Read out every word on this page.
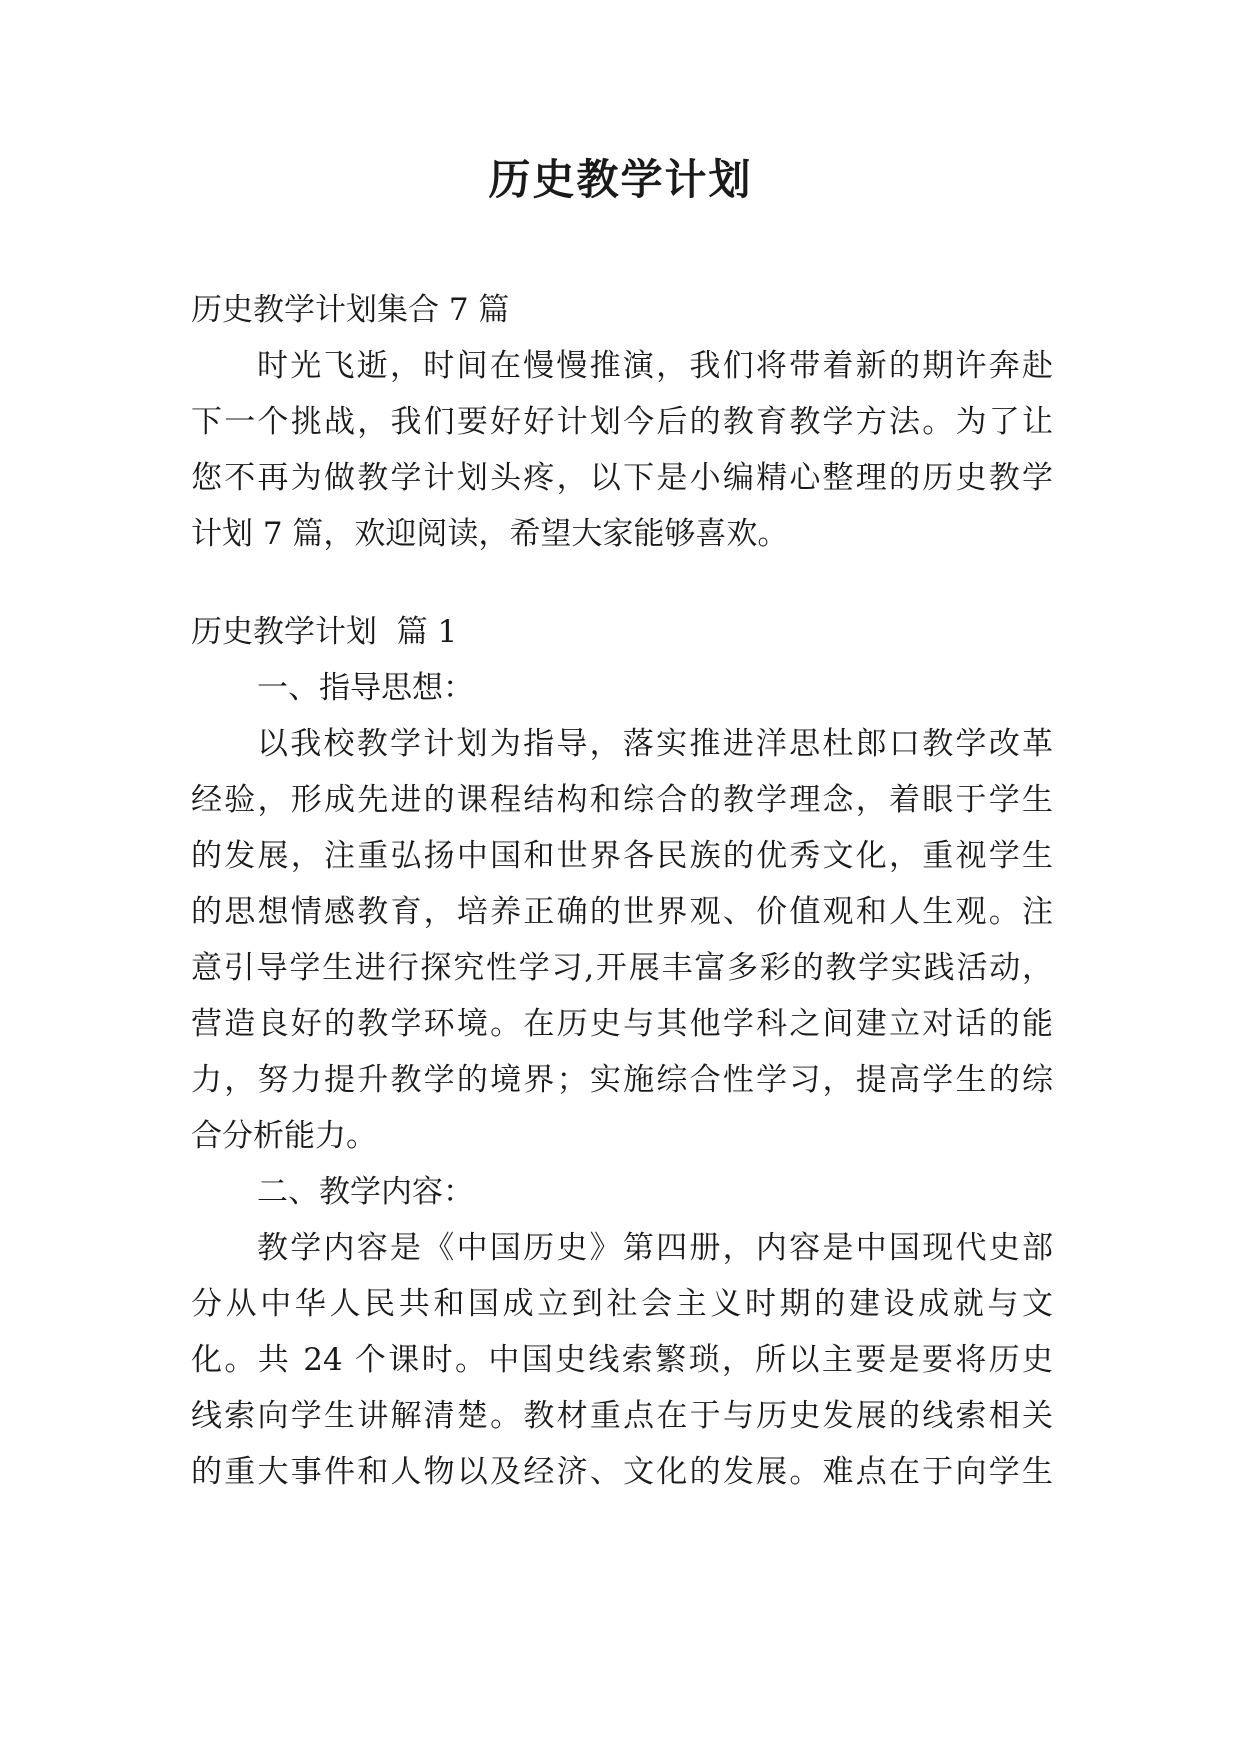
历史教学计划
历史教学计划集合 7 篇
时光飞逝，时间在慢慢推演，我们将带着新的期许奔赴
下一个挑战，我们要好好计划今后的教育教学方法。为了让
您不再为做教学计划头疼，以下是小编精心整理的历史教学
计划 7 篇，欢迎阅读，希望大家能够喜欢。
历史教学计划  篇 1
一、指导思想：
以我校教学计划为指导，落实推进洋思杜郎口教学改革
经验，形成先进的课程结构和综合的教学理念，着眼于学生
的发展，注重弘扬中国和世界各民族的优秀文化，重视学生
的思想情感教育，培养正确的世界观、价值观和人生观。注
意引导学生进行探究性学习,开展丰富多彩的教学实践活动，
营造良好的教学环境。在历史与其他学科之间建立对话的能
力，努力提升教学的境界；实施综合性学习，提高学生的综
合分析能力。
二、教学内容：
教学内容是《中国历史》第四册，内容是中国现代史部
分从中华人民共和国成立到社会主义时期的建设成就与文
化。共 24 个课时。中国史线索繁琐，所以主要是要将历史
线索向学生讲解清楚。教材重点在于与历史发展的线索相关
的重大事件和人物以及经济、文化的发展。难点在于向学生
